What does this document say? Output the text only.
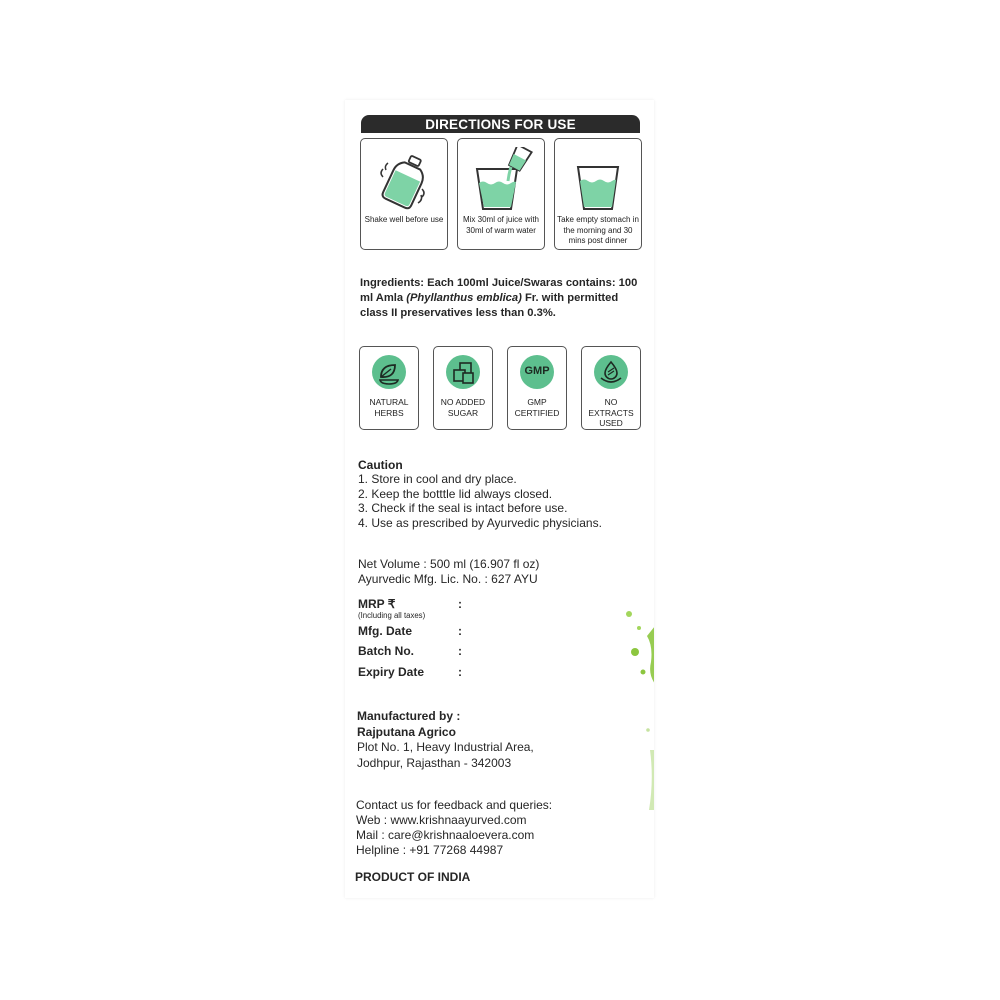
DIRECTIONS FOR USE
Shake well before use	Mix 30ml of juice with 30ml of warm water
Take empty stomach in the morning and 30 mins post dinner
Ingredients: Each 100ml Juice/Swaras contains: 100 ml Amla (Phyllanthus emblica) Fr. with permitted class II preservatives less than 0.3%.
NATURAL HERBS
NO ADDED SUGAR
GMP
GMP CERTIFIED
NO EXTRACTS USED
Caution
1. Store in cool and dry place.
2. Keep the botttle lid always closed.
3. Check if the seal is intact before use.
4. Use as prescribed by Ayurvedic physicians.
Net Volume : 500 ml (16.907 fl oz)
Ayurvedic Mfg. Lic. No. : 627 AYU
MRP ₹	:
(Including all taxes)
Mfg. Date	:
Batch No.	:
Expiry Date	:
Manufactured by :
Rajputana Agrico
Plot No. 1, Heavy Industrial Area,
Jodhpur, Rajasthan - 342003
Contact us for feedback and queries:
Web : www.krishnaayurved.com
Mail : care@krishnaaloevera.com
Helpline : +91 77268 44987
PRODUCT OF INDIA
